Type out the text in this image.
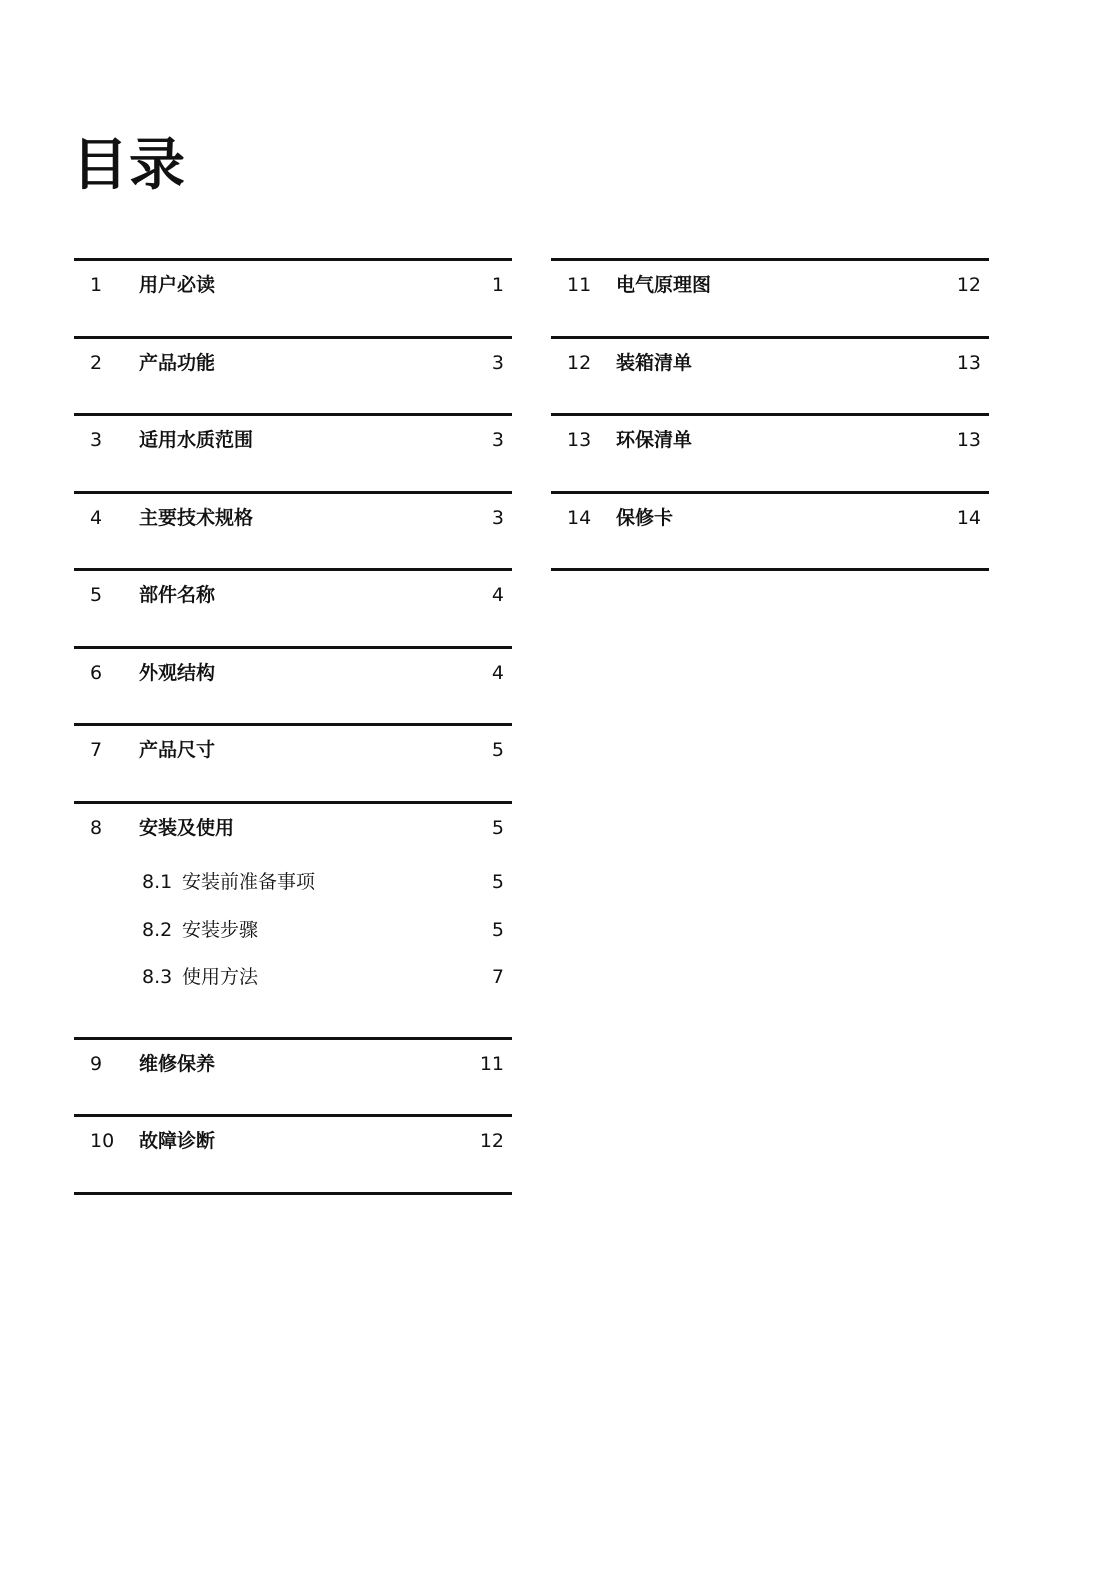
目录
1 用户必读	1
2 产品功能	3
3 适用水质范围	3
4 主要技术规格	3
5 部件名称	4
6 外观结构	4
7 产品尺寸	5
8 安装及使用	5
8.1 安装前准备事项	5
8.2 安装步骤	5
8.3 使用方法	7
9 维修保养	11
10 故障诊断	12
11 电气原理图	12
12 装箱清单	13
13 环保清单	13
14 保修卡	14
